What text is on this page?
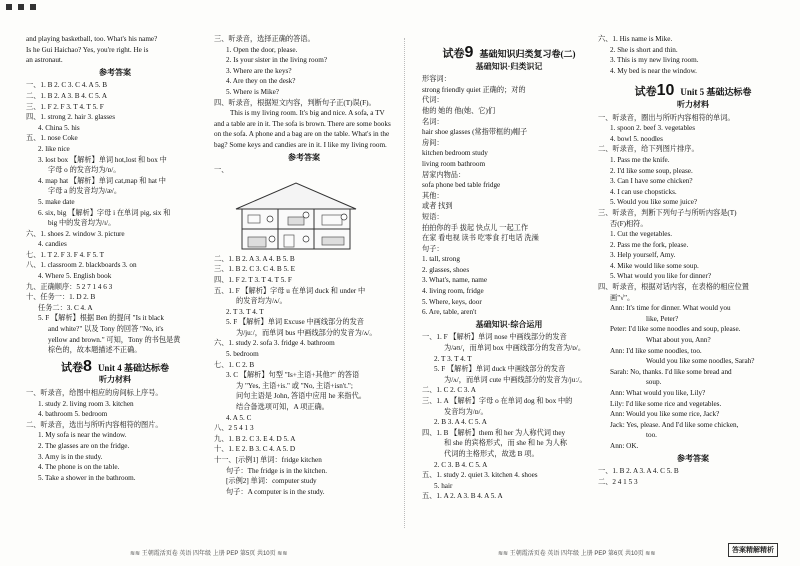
and playing basketball, too. What's his name?
Is he Gui Haichao? Yes, you're right. He is
an astronaut.
参考答案
一、1. B 2. C 3. C 4. A 5. B
二、1. B 2. A 3. B 4. C 5. A
三、1. F 2. F 3. T 4. T 5. F
四、1. strong 2. hair 3. glasses
4. China 5. his
五、1. nose Coke
2. like nice
3. lost box 【解析】单词 hot,lost 和 box 中
字母 o 的发音均为/ɒ/。
4. map hat 【解析】单词 cat,map 和 hat 中
字母 a 的发音均为/æ/。
5. make date
6. six, big 【解析】字母 i 在单词 pig, six 和
big 中的发音均为/ɪ/。
六、1. shoes 2. window 3. picture
4. candies
七、1. T 2. F 3. F 4. F 5. T
八、1. classroom 2. blackboards 3. on
4. Where 5. English book
九、正确顺序：5 2 7 1 4 6 3
十、任务一：1. D 2. B
任务二：3. C 4. A
5. F 【解析】根据 Ben 的提问 "Is it black
and white?" 以及 Tony 的回答 "No, it's
yellow and brown." 可知，Tony 的书包是黄
棕色的，故本题描述不正确。
试卷8 Unit 4 基础达标卷
听力材料
一、听录音，给图中相应的房间标上序号。
1. study 2. living room 3. kitchen
4. bathroom 5. bedroom
二、听录音，选出与所听内容相符的图片。
1. My sofa is near the window.
2. The glasses are on the fridge.
3. Amy is in the study.
4. The phone is on the table.
5. Take a shower in the bathroom.
三、听录音，选择正确的答语。
1. Open the door, please.
2. Is your sister in the living room?
3. Where are the keys?
4. Are they on the desk?
5. Where is Mike?
四、听录音，根据短文内容，判断句子正(T)误(F)。
This is my living room. It's big and nice. A sofa, a TV and a table are in it. The sofa is brown. There are some books on the sofa. A phone and a bag are on the table. What's in the bag? Some keys and candies are in it. I like my living room.
参考答案
一、
二、1. B 2. A 3. A 4. B 5. B
三、1. B 2. C 3. C 4. B 5. E
四、1. F 2. T 3. T 4. T 5. F
五、1. F 【解析】字母 u 在单词 duck 和 under 中
的发音均为/ʌ/。
2. T 3. T 4. T
5. F 【解析】单词 Excuse 中画线部分的发音
为/juː/，而单词 bus 中画线部分的发音为/ʌ/。
六、1. study 2. sofa 3. fridge 4. bathroom
5. bedroom
七、1. C 2. B
3. C 【解析】句型 "Is+主语+其他?" 的答语
为 "Yes, 主语+is." 或 "No, 主语+isn't.";
问句主语是 John, 答语中应用 he 来指代。
结合备选项可知，A 项正确。
4. A 5. C
八、2 5 4 1 3
九、1. B 2. C 3. E 4. D 5. A
十、1. E 2. B 3. C 4. A 5. D
十一、[示例1] 单词：fridge kitchen
句子：The fridge is in the kitchen.
[示例2] 单词：computer study
句子：A computer is in the study.
试卷9 基础知识归类复习卷(二)
基础知识·归类识记
形容词：
strong friendly quiet 正确的；对的
代词：
他的 她的 他(她、它)们
名词：
hair shoe glasses (常指带框的)帽子
房间：
kitchen bedroom study
living room bathroom
居家内物品：
sofa phone bed table fridge
其他：
或者 找到
短语：
拍拍你的手 拔起 快点儿 一起工作
在家 看电视 读书 吃零食 打电话 洗澡
句子：
1. tall, strong
2. glasses, shoes
3. What's, name, name
4. living room, fridge
5. Where, keys, door
6. Are, table, aren't
基础知识·综合运用
一、1. F 【解析】单词 nose 中画线部分的发音
为/əʊ/，而单词 box 中画线部分的发音为/ɒ/。
2. T 3. T 4. T
5. F 【解析】单词 duck 中画线部分的发音
为/ʌ/，而单词 cute 中画线部分的发音为/juː/。
二、1. C 2. C 3. A
三、1. A 【解析】字母 o 在单词 dog 和 box 中的
发音均为/ɒ/。
2. B 3. A 4. C 5. A
四、1. B 【解析】them 和 her 为人称代词 they
和 she 的宾格形式，而 she 和 he 为人称
代词的主格形式，故选 B 项。
2. C 3. B 4. C 5. A
五、1. study 2. quiet 3. kitchen 4. shoes
5. hair
五、1. A 2. A 3. B 4. A 5. A
六、1. His name is Mike.
2. She is short and thin.
3. This is my new living room.
4. My bed is near the window.
试卷10 Unit 5 基础达标卷
听力材料
一、听录音，圈出与所听内容相符的单词。
1. spoon 2. beef 3. vegetables
4. bowl 5. noodles
二、听录音，给下列图片排序。
1. Pass me the knife.
2. I'd like some soup, please.
3. Can I have some chicken?
4. I can use chopsticks.
5. Would you like some juice?
三、听录音，判断下列句子与所听内容是(T)
否(F)相符。
1. Cut the vegetables.
2. Pass me the fork, please.
3. Help yourself, Amy.
4. Mike would like some soup.
5. What would you like for dinner?
四、听录音，根据对话内容，在表格的相应位置
画"√"。
Ann: It's time for dinner. What would you
like, Peter?
Peter: I'd like some noodles and soup, please.
What about you, Ann?
Ann: I'd like some noodles, too.
Would you like some noodles, Sarah?
Sarah: No, thanks. I'd like some bread and
soup.
Ann: What would you like, Lily?
Lily: I'd like some rice and vegetables.
Ann: Would you like some rice, Jack?
Jack: Yes, please. And I'd like some chicken,
too.
Ann: OK.
参考答案
一、1. B 2. A 3. A 4. C 5. B
二、2 4 1 5 3
≋≋ 王朝霞活页卷 英语 四年级 上册 PEP 第5页 共10页 ≋≋	≋≋ 王朝霞活页卷 英语 四年级 上册 PEP 第6页 共10页 ≋≋	答案精解精析
